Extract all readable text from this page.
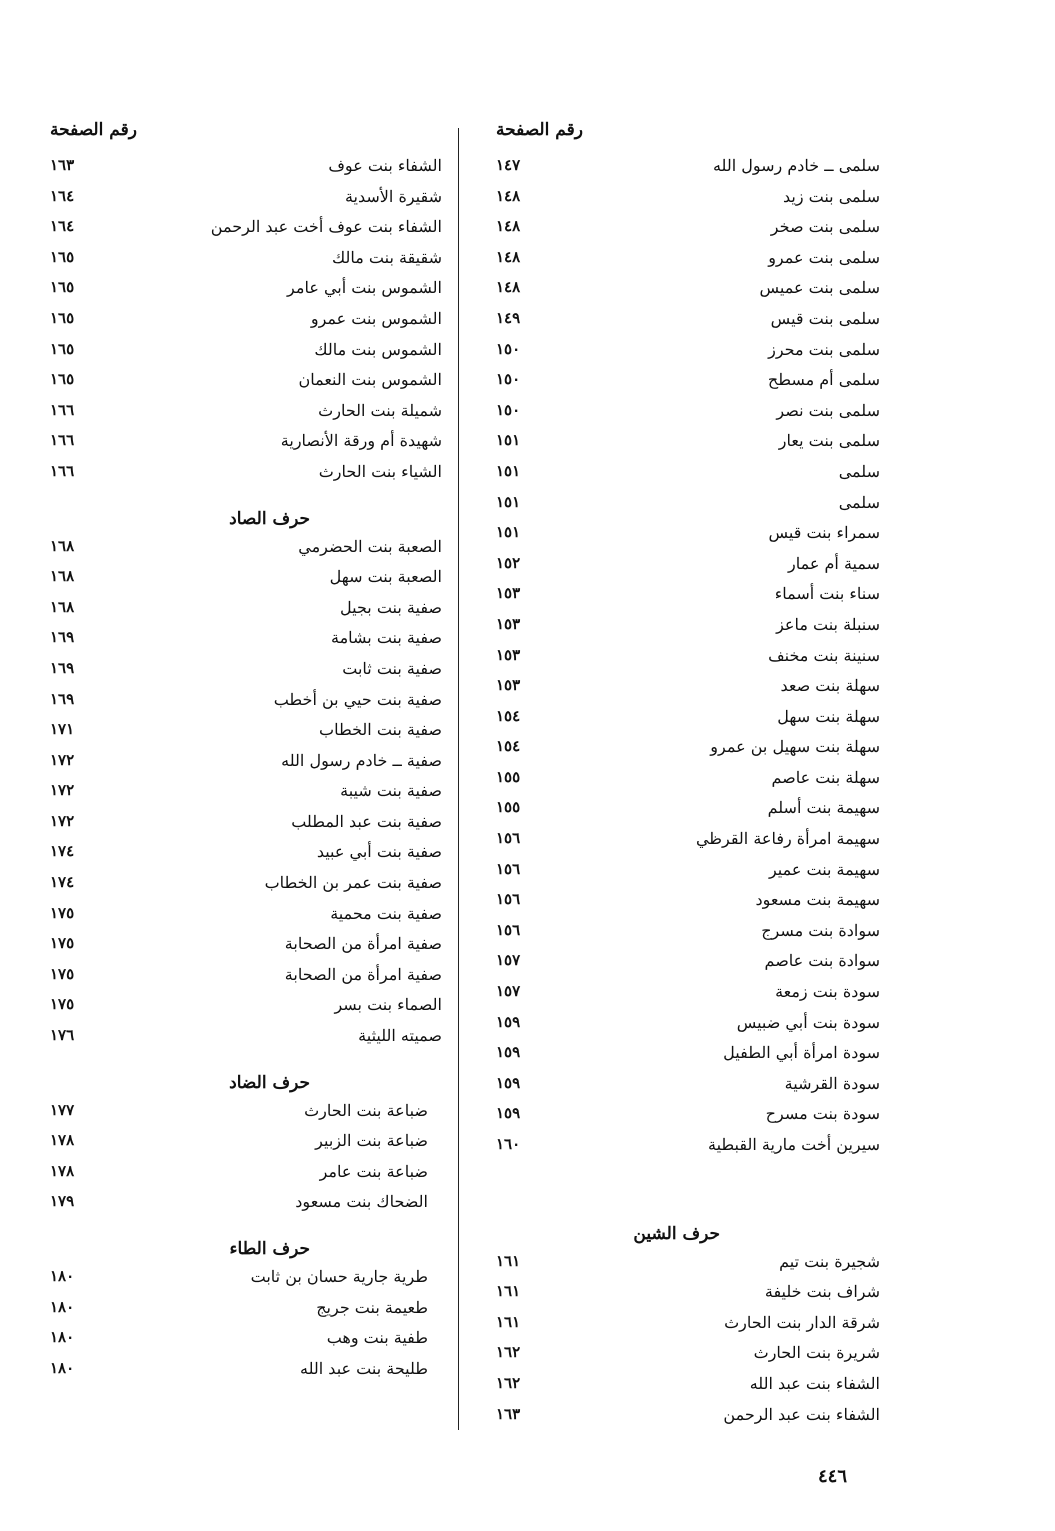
رقم الصفحة
سلمى ــ خادم رسول الله
١٤٧
سلمى بنت زيد
١٤٨
سلمى بنت صخر
١٤٨
سلمى بنت عمرو
١٤٨
سلمى بنت عميس
١٤٨
سلمى بنت قيس
١٤٩
سلمى بنت محرز
١٥٠
سلمى أم مسطح
١٥٠
سلمى بنت نصر
١٥٠
سلمى بنت يعار
١٥١
سلمى
١٥١
سلمى
١٥١
سمراء بنت قيس
١٥١
سمية أم عمار
١٥٢
سناء بنت أسماء
١٥٣
سنبلة بنت ماعز
١٥٣
سنينة بنت مخنف
١٥٣
سهلة بنت صعد
١٥٣
سهلة بنت سهل
١٥٤
سهلة بنت سهيل بن عمرو
١٥٤
سهلة بنت عاصم
١٥٥
سهيمة بنت أسلم
١٥٥
سهيمة امرأة رفاعة القرظي
١٥٦
سهيمة بنت عمير
١٥٦
سهيمة بنت مسعود
١٥٦
سوادة بنت مسرج
١٥٦
سوادة بنت عاصم
١٥٧
سودة بنت زمعة
١٥٧
سودة بنت أبي ضبيس
١٥٩
سودة امرأة أبي الطفيل
١٥٩
سودة القرشية
١٥٩
سودة بنت مسرح
١٥٩
سيرين أخت مارية القبطية
١٦٠
حرف الشين
شجيرة بنت تيم
١٦١
شراف بنت خليفة
١٦١
شرقة الدار بنت الحارث
١٦١
شريرة بنت الحارث
١٦٢
الشفاء بنت عبد الله
١٦٢
الشفاء بنت عبد الرحمن
١٦٣
رقم الصفحة
الشفاء بنت عوف
١٦٣
شقيرة الأسدية
١٦٤
الشفاء بنت عوف أخت عبد الرحمن
١٦٤
شقيقة بنت مالك
١٦٥
الشموس بنت أبي عامر
١٦٥
الشموس بنت عمرو
١٦٥
الشموس بنت مالك
١٦٥
الشموس بنت النعمان
١٦٥
شميلة بنت الحارث
١٦٦
شهيدة أم ورقة الأنصارية
١٦٦
الشياء بنت الحارث
١٦٦
حرف الصاد
الصعبة بنت الحضرمي
١٦٨
الصعبة بنت سهل
١٦٨
صفية بنت بجيل
١٦٨
صفية بنت بشامة
١٦٩
صفية بنت ثابت
١٦٩
صفية بنت حيي بن أخطب
١٦٩
صفية بنت الخطاب
١٧١
صفية ــ خادم رسول الله
١٧٢
صفية بنت شيبة
١٧٢
صفية بنت عبد المطلب
١٧٢
صفية بنت أبي عبيد
١٧٤
صفية بنت عمر بن الخطاب
١٧٤
صفية بنت محمية
١٧٥
صفية امرأة من الصحابة
١٧٥
صفية امرأة من الصحابة
١٧٥
الصماء بنت بسر
١٧٥
صميته الليثية
١٧٦
حرف الضاد
ضباعة بنت الحارث
١٧٧
ضباعة بنت الزبير
١٧٨
ضباعة بنت عامر
١٧٨
الضحاك بنت مسعود
١٧٩
حرف الطاء
طرية جارية حسان بن ثابت
١٨٠
طعيمة بنت جريج
١٨٠
طفية بنت وهب
١٨٠
طليحة بنت عبد الله
١٨٠
٤٤٦
